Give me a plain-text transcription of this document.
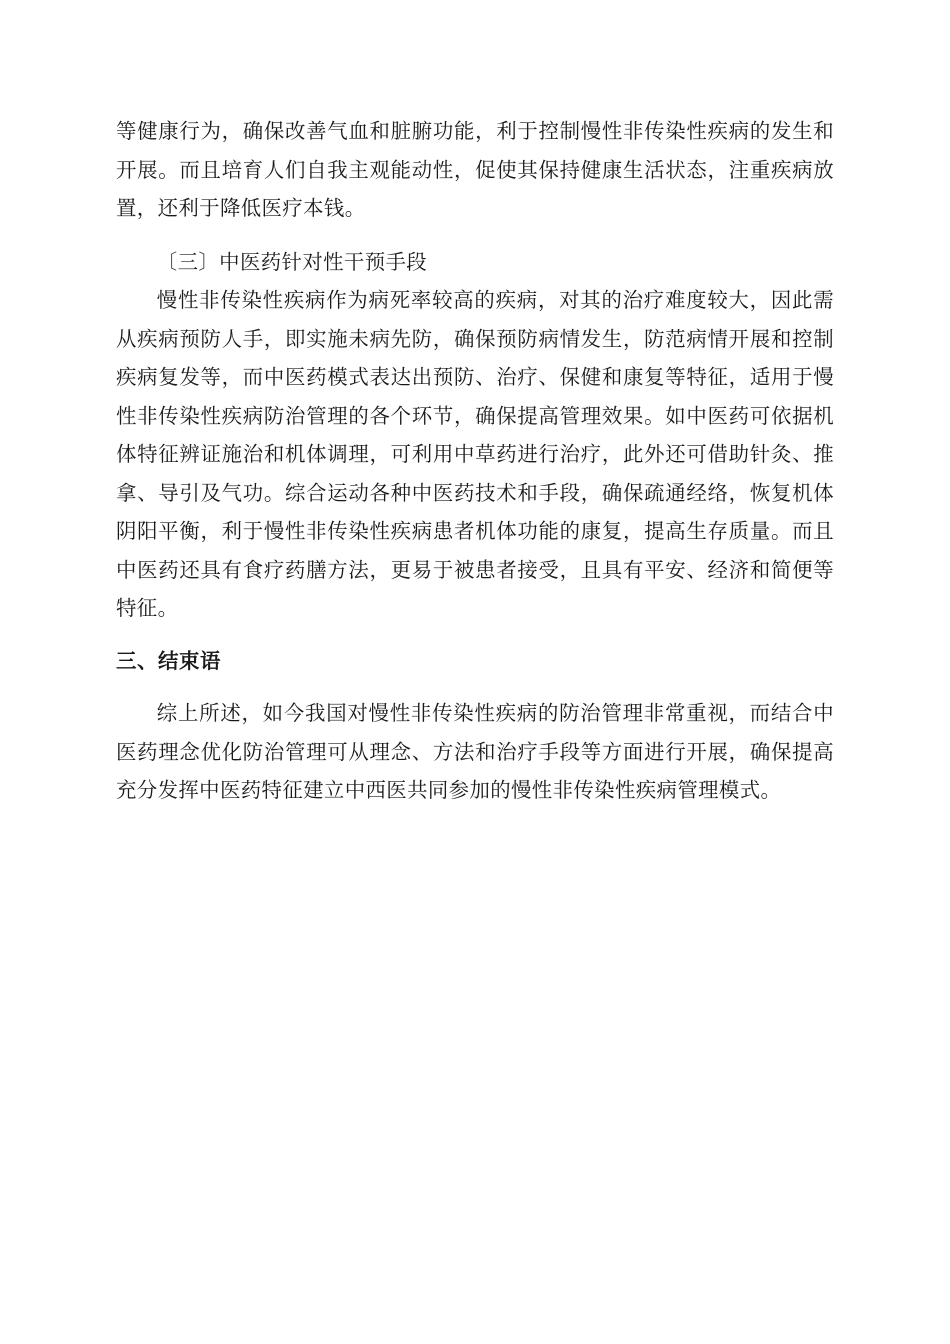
等健康行为，确保改善气血和脏腑功能，利于控制慢性非传染性疾病的发生和开展。而且培育人们自我主观能动性，促使其保持健康生活状态，注重疾病放置，还利于降低医疗本钱。

〔三〕中医药针对性干预手段

慢性非传染性疾病作为病死率较高的疾病，对其的治疗难度较大，因此需从疾病预防人手，即实施未病先防，确保预防病情发生，防范病情开展和控制疾病复发等，而中医药模式表达出预防、治疗、保健和康复等特征，适用于慢性非传染性疾病防治管理的各个环节，确保提高管理效果。如中医药可依据机体特征辨证施治和机体调理，可利用中草药进行治疗，此外还可借助针灸、推拿、导引及气功。综合运动各种中医药技术和手段，确保疏通经络，恢复机体阴阳平衡，利于慢性非传染性疾病患者机体功能的康复，提高生存质量。而且中医药还具有食疗药膳方法，更易于被患者接受，且具有平安、经济和简便等特征。

三、结束语

综上所述，如今我国对慢性非传染性疾病的防治管理非常重视，而结合中医药理念优化防治管理可从理念、方法和治疗手段等方面进行开展，确保提高充分发挥中医药特征建立中西医共同参加的慢性非传染性疾病管理模式。
